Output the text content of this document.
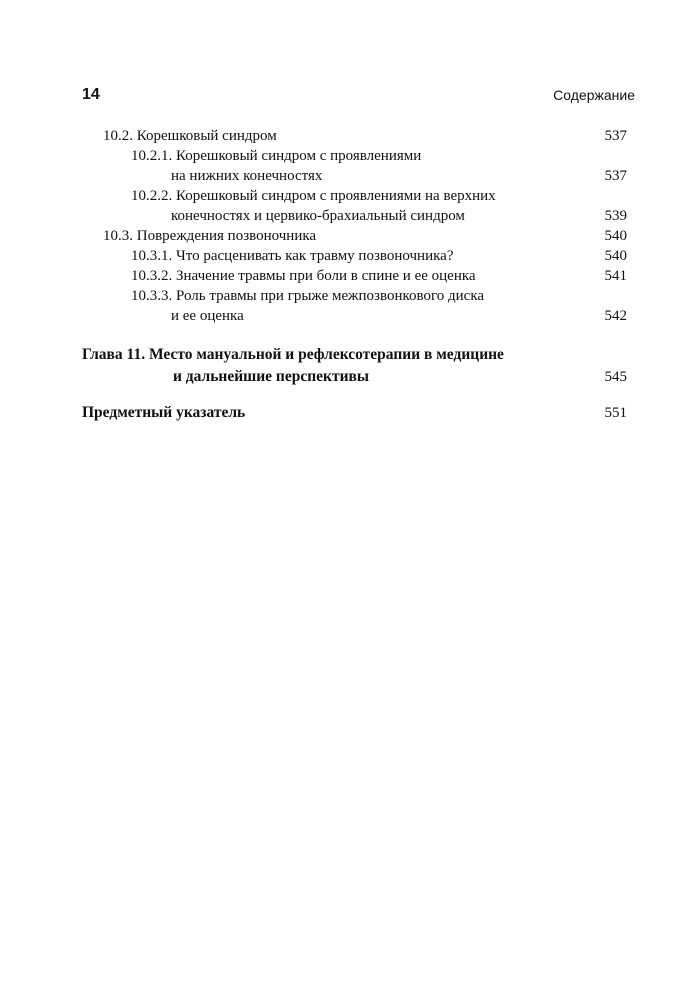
14	Содержание
10.2. Корешковый синдром	537
10.2.1. Корешковый синдром с проявлениями
на нижних конечностях	537
10.2.2. Корешковый синдром с проявлениями на верхних
конечностях и цервико-брахиальный синдром	539
10.3. Повреждения позвоночника	540
10.3.1. Что расценивать как травму позвоночника?	540
10.3.2. Значение травмы при боли в спине и ее оценка	541
10.3.3. Роль травмы при грыже межпозвонкового диска
и ее оценка	542
Глава 11. Место мануальной и рефлексотерапии в медицине
и дальнейшие перспективы	545
Предметный указатель	551
